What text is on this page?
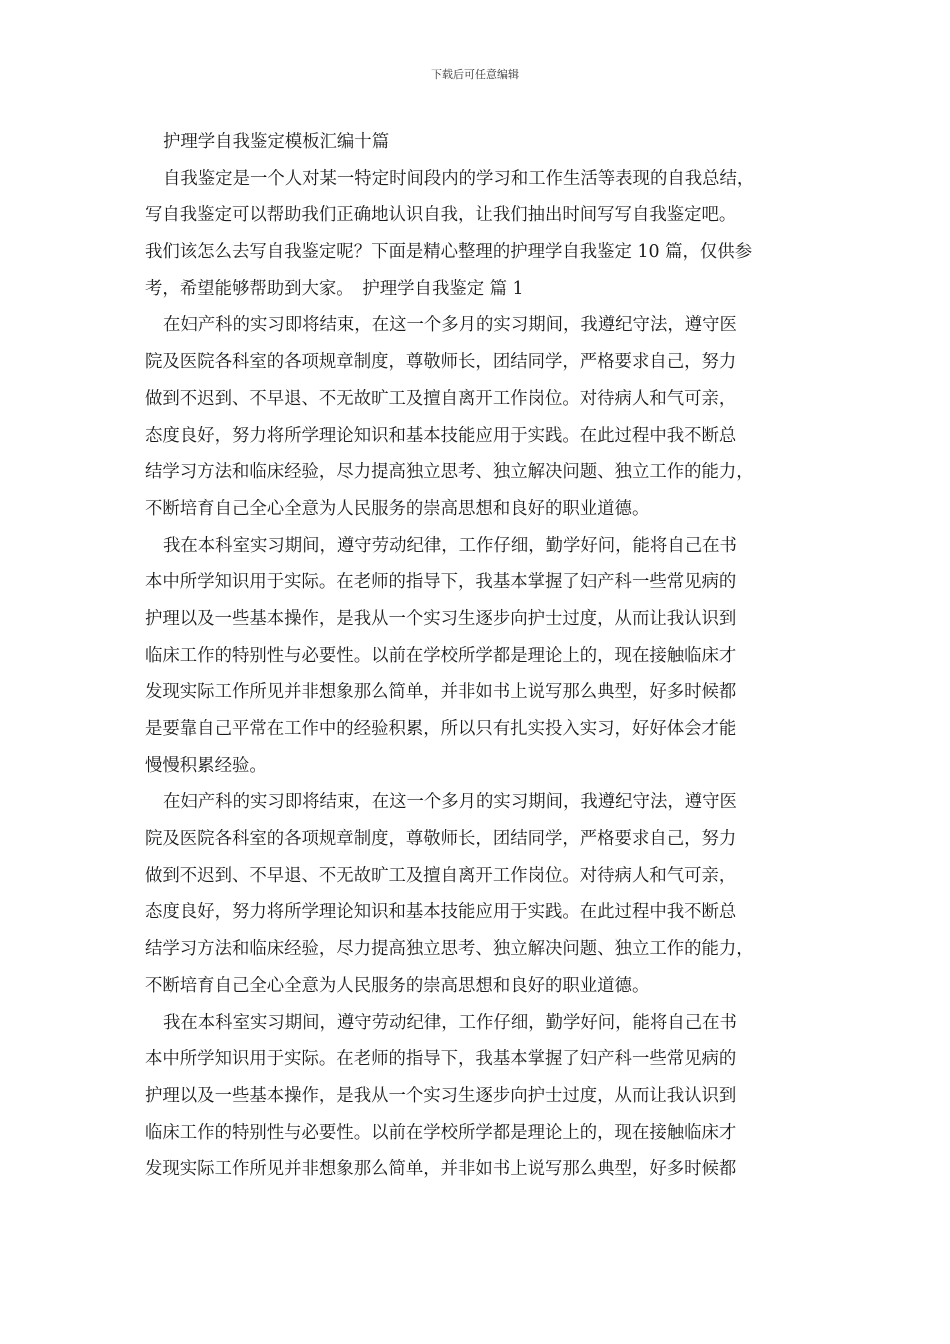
下载后可任意编辑
护理学自我鉴定模板汇编十篇
自我鉴定是一个人对某一特定时间段内的学习和工作生活等表现的自我总结，
写自我鉴定可以帮助我们正确地认识自我，让我们抽出时间写写自我鉴定吧。
我们该怎么去写自我鉴定呢？下面是精心整理的护理学自我鉴定 10 篇，仅供参
考，希望能够帮助到大家。　护理学自我鉴定 篇 1
在妇产科的实习即将结束，在这一个多月的实习期间，我遵纪守法，遵守医
院及医院各科室的各项规章制度，尊敬师长，团结同学，严格要求自己，努力
做到不迟到、不早退、不无故旷工及擅自离开工作岗位。对待病人和气可亲，
态度良好，努力将所学理论知识和基本技能应用于实践。在此过程中我不断总
结学习方法和临床经验，尽力提高独立思考、独立解决问题、独立工作的能力，
不断培育自己全心全意为人民服务的崇高思想和良好的职业道德。
我在本科室实习期间，遵守劳动纪律，工作仔细，勤学好问，能将自己在书
本中所学知识用于实际。在老师的指导下，我基本掌握了妇产科一些常见病的
护理以及一些基本操作，是我从一个实习生逐步向护士过度，从而让我认识到
临床工作的特别性与必要性。以前在学校所学都是理论上的，现在接触临床才
发现实际工作所见并非想象那么简单，并非如书上说写那么典型，好多时候都
是要靠自己平常在工作中的经验积累，所以只有扎实投入实习，好好体会才能
慢慢积累经验。
在妇产科的实习即将结束，在这一个多月的实习期间，我遵纪守法，遵守医
院及医院各科室的各项规章制度，尊敬师长，团结同学，严格要求自己，努力
做到不迟到、不早退、不无故旷工及擅自离开工作岗位。对待病人和气可亲，
态度良好，努力将所学理论知识和基本技能应用于实践。在此过程中我不断总
结学习方法和临床经验，尽力提高独立思考、独立解决问题、独立工作的能力，
不断培育自己全心全意为人民服务的崇高思想和良好的职业道德。
我在本科室实习期间，遵守劳动纪律，工作仔细，勤学好问，能将自己在书
本中所学知识用于实际。在老师的指导下，我基本掌握了妇产科一些常见病的
护理以及一些基本操作，是我从一个实习生逐步向护士过度，从而让我认识到
临床工作的特别性与必要性。以前在学校所学都是理论上的，现在接触临床才
发现实际工作所见并非想象那么简单，并非如书上说写那么典型，好多时候都
